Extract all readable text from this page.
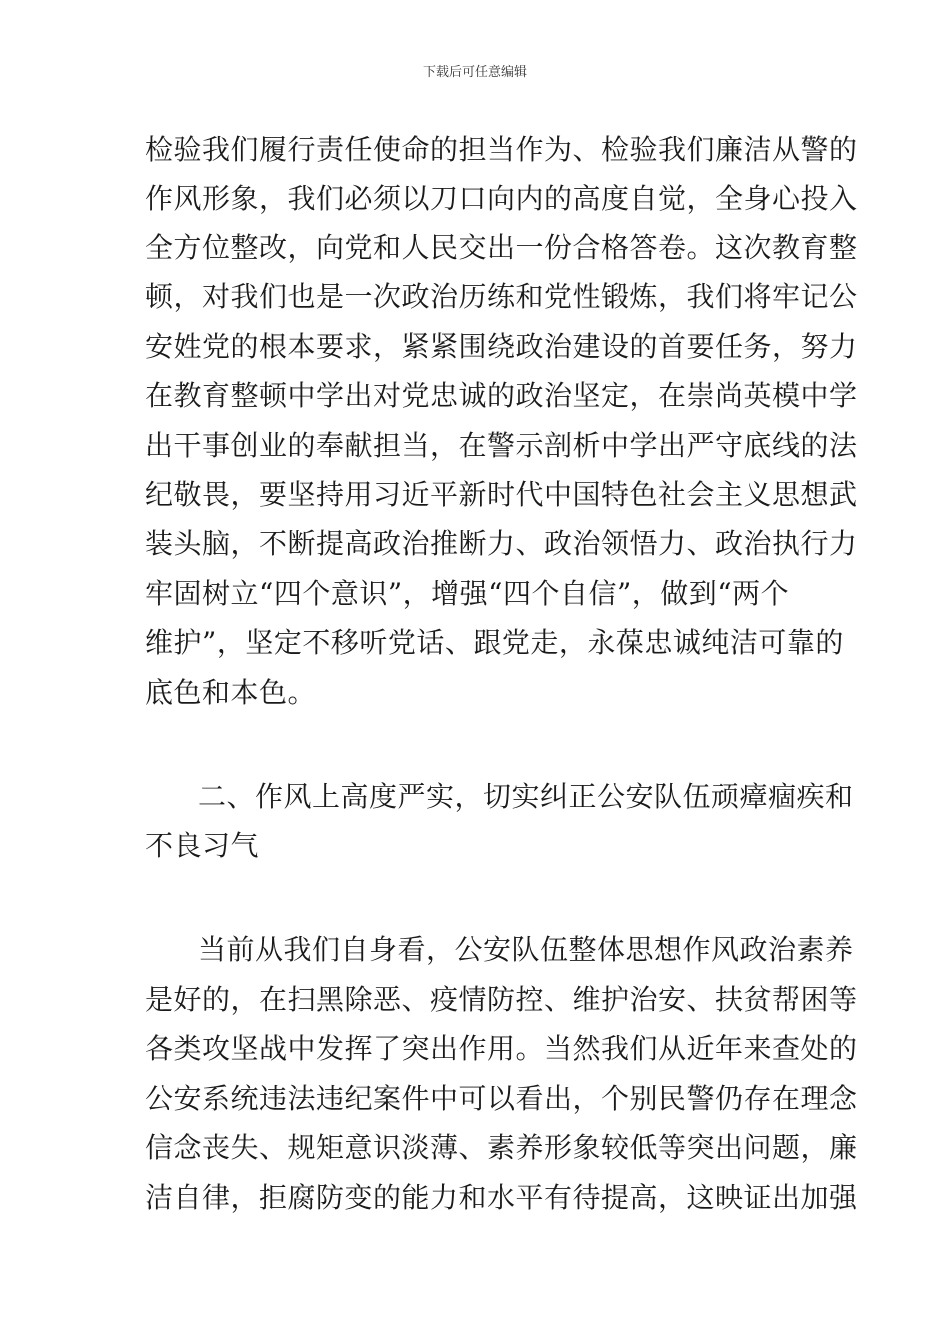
下载后可任意编辑
检验我们履行责任使命的担当作为、检验我们廉洁从警的
作风形象，我们必须以刀口向内的高度自觉，全身心投入
全方位整改，向党和人民交出一份合格答卷。这次教育整
顿，对我们也是一次政治历练和党性锻炼，我们将牢记公
安姓党的根本要求，紧紧围绕政治建设的首要任务，努力
在教育整顿中学出对党忠诚的政治坚定，在崇尚英模中学
出干事创业的奉献担当，在警示剖析中学出严守底线的法
纪敬畏，要坚持用习近平新时代中国特色社会主义思想武
装头脑，不断提高政治推断力、政治领悟力、政治执行力
牢固树立“四个意识”，增强“四个自信”，做到“两个
维护”，坚定不移听党话、跟党走，永葆忠诚纯洁可靠的
底色和本色。
二、作风上高度严实，切实纠正公安队伍顽瘴痼疾和
不良习气
当前从我们自身看，公安队伍整体思想作风政治素养
是好的，在扫黑除恶、疫情防控、维护治安、扶贫帮困等
各类攻坚战中发挥了突出作用。当然我们从近年来查处的
公安系统违法违纪案件中可以看出，个别民警仍存在理念
信念丧失、规矩意识淡薄、素养形象较低等突出问题，廉
洁自律，拒腐防变的能力和水平有待提高，这映证出加强
